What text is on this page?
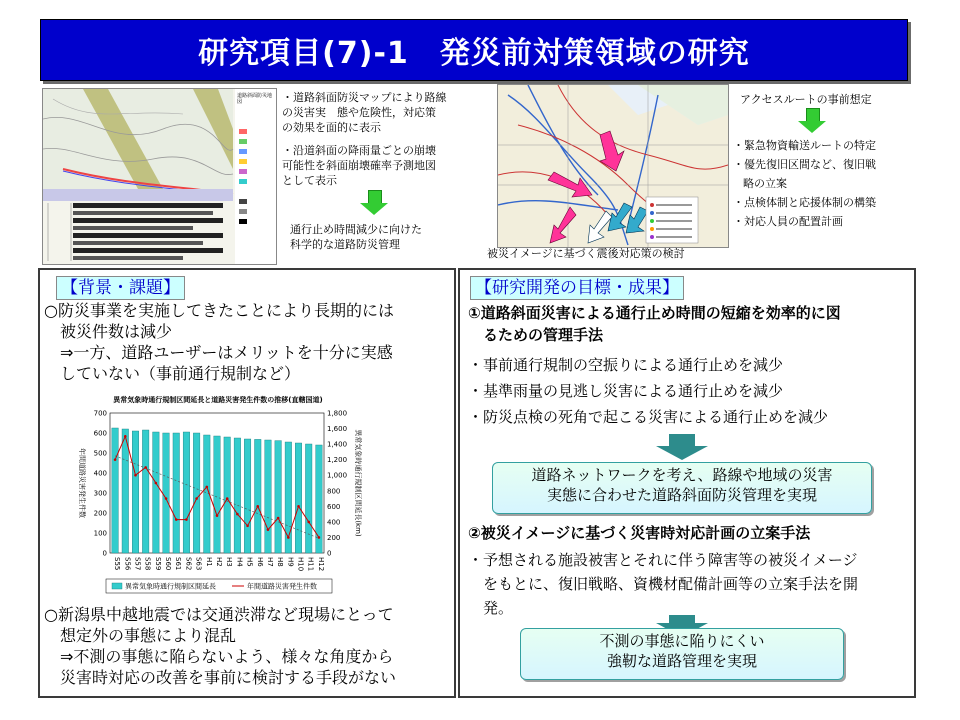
研究項目(7)-1　発災前対策領域の研究
道路斜面防災地図	・道路斜面防災マップにより路線
の災害実　態や危険性，対応策
の効果を面的に表示
・沿道斜面の降雨量ごとの崩壊
可能性を斜面崩壊確率予測地図
として表示
通行止め時間減少に向けた
科学的な道路防災管理
被災イメージに基づく震後対応策の検討
アクセスルートの事前想定
・緊急物資輸送ルートの特定
・優先復旧区間など、復旧戦
略の立案
・点検体制と応援体制の構築
・対応人員の配置計画
【背景・課題】
○防災事業を実施してきたことにより長期的には
　被災件数は減少
　⇒一方、道路ユーザーはメリットを十分に実感
　していない（事前通行規制など）
異常気象時通行規制区間延長と道路災害発生件数の推移(直轄国道)
0
100
200
300
400
500
600
700
0
200
400
600
800
1,000
1,200
1,400
1,600
1,800
S55 S56 S57 S58 S59 S60 S61 S62 S63 H1 H2 H3 H4 H5 H6 H7 H8 H9 H10 H11 H12
年間道路災害発生件数	異常気象時通行規制区間延長(km)
異常気象時通行規制区間延長	年間道路災害発生件数
○新潟県中越地震では交通渋滞など現場にとって
　想定外の事態により混乱
　⇒不測の事態に陥らないよう、様々な角度から
　災害時対応の改善を事前に検討する手段がない
【研究開発の目標・成果】
①道路斜面災害による通行止め時間の短縮を効率的に図
　るための管理手法
・事前通行規制の空振りによる通行止めを減少
・基準雨量の見逃し災害による通行止めを減少
・防災点検の死角で起こる災害による通行止めを減少
道路ネットワークを考え、路線や地域の災害
実態に合わせた道路斜面防災管理を実現
②被災イメージに基づく災害時対応計画の立案手法
・予想される施設被害とそれに伴う障害等の被災イメージ
　をもとに、復旧戦略、資機材配備計画等の立案手法を開
　発。
不測の事態に陥りにくい
強靭な道路管理を実現
